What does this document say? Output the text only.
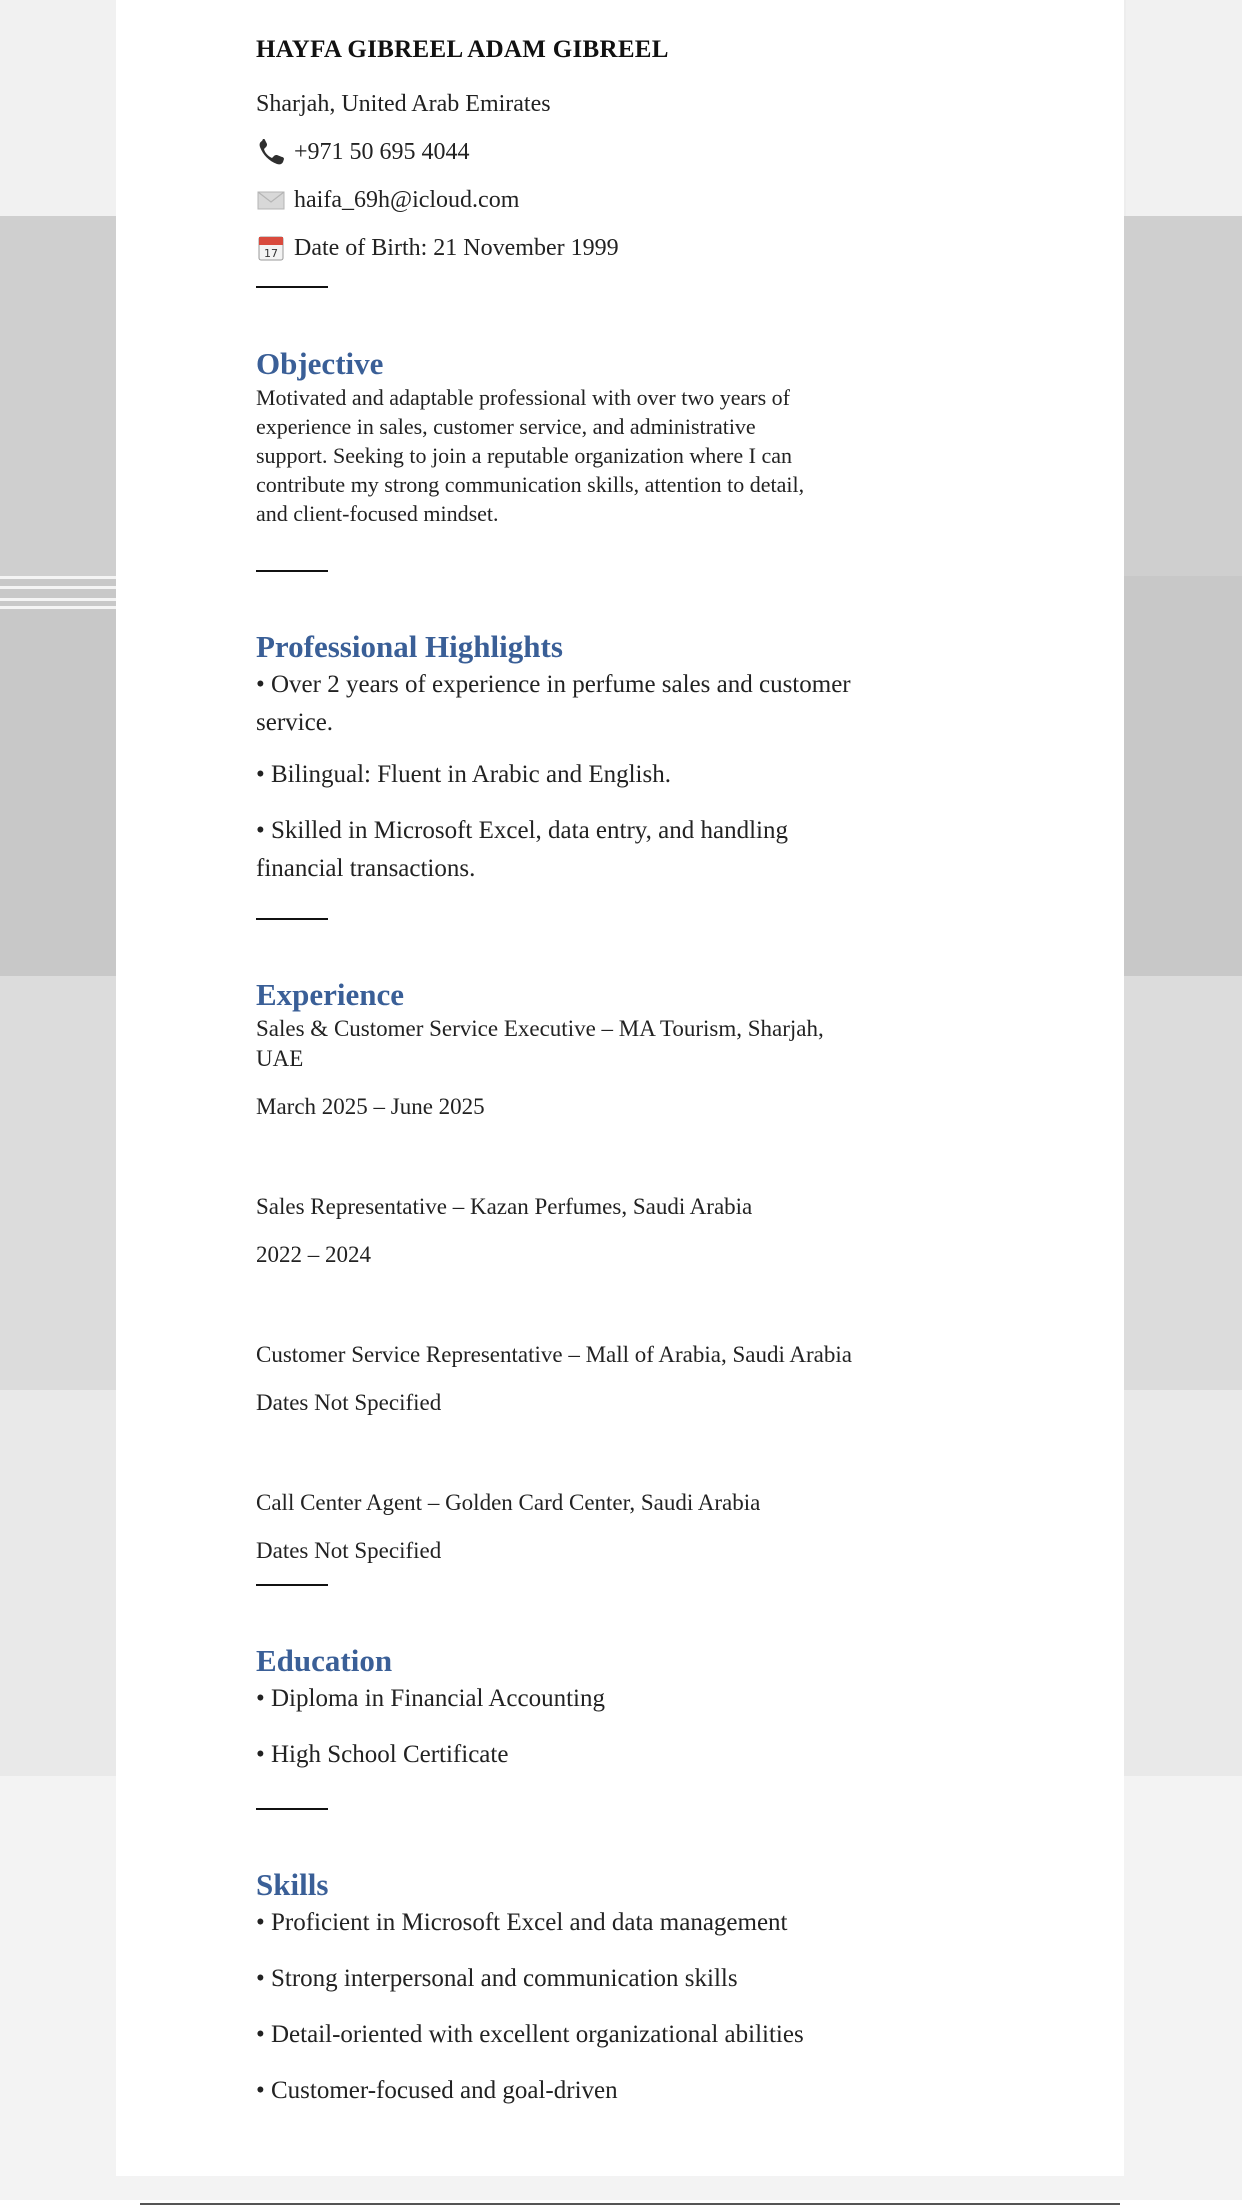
HAYFA GIBREEL ADAM GIBREEL
Sharjah, United Arab Emirates
+971 50 695 4044
haifa_69h@icloud.com
17 Date of Birth: 21 November 1999
Objective
Motivated and adaptable professional with over two years of
experience in sales, customer service, and administrative
support. Seeking to join a reputable organization where I can
contribute my strong communication skills, attention to detail,
and client-focused mindset.
Professional Highlights
• Over 2 years of experience in perfume sales and customer
service.
• Bilingual: Fluent in Arabic and English.
• Skilled in Microsoft Excel, data entry, and handling
financial transactions.
Experience
Sales & Customer Service Executive – MA Tourism, Sharjah,
UAE
March 2025 – June 2025
Sales Representative – Kazan Perfumes, Saudi Arabia
2022 – 2024
Customer Service Representative – Mall of Arabia, Saudi Arabia
Dates Not Specified
Call Center Agent – Golden Card Center, Saudi Arabia
Dates Not Specified
Education
• Diploma in Financial Accounting
• High School Certificate
Skills
• Proficient in Microsoft Excel and data management
• Strong interpersonal and communication skills
• Detail-oriented with excellent organizational abilities
• Customer-focused and goal-driven
